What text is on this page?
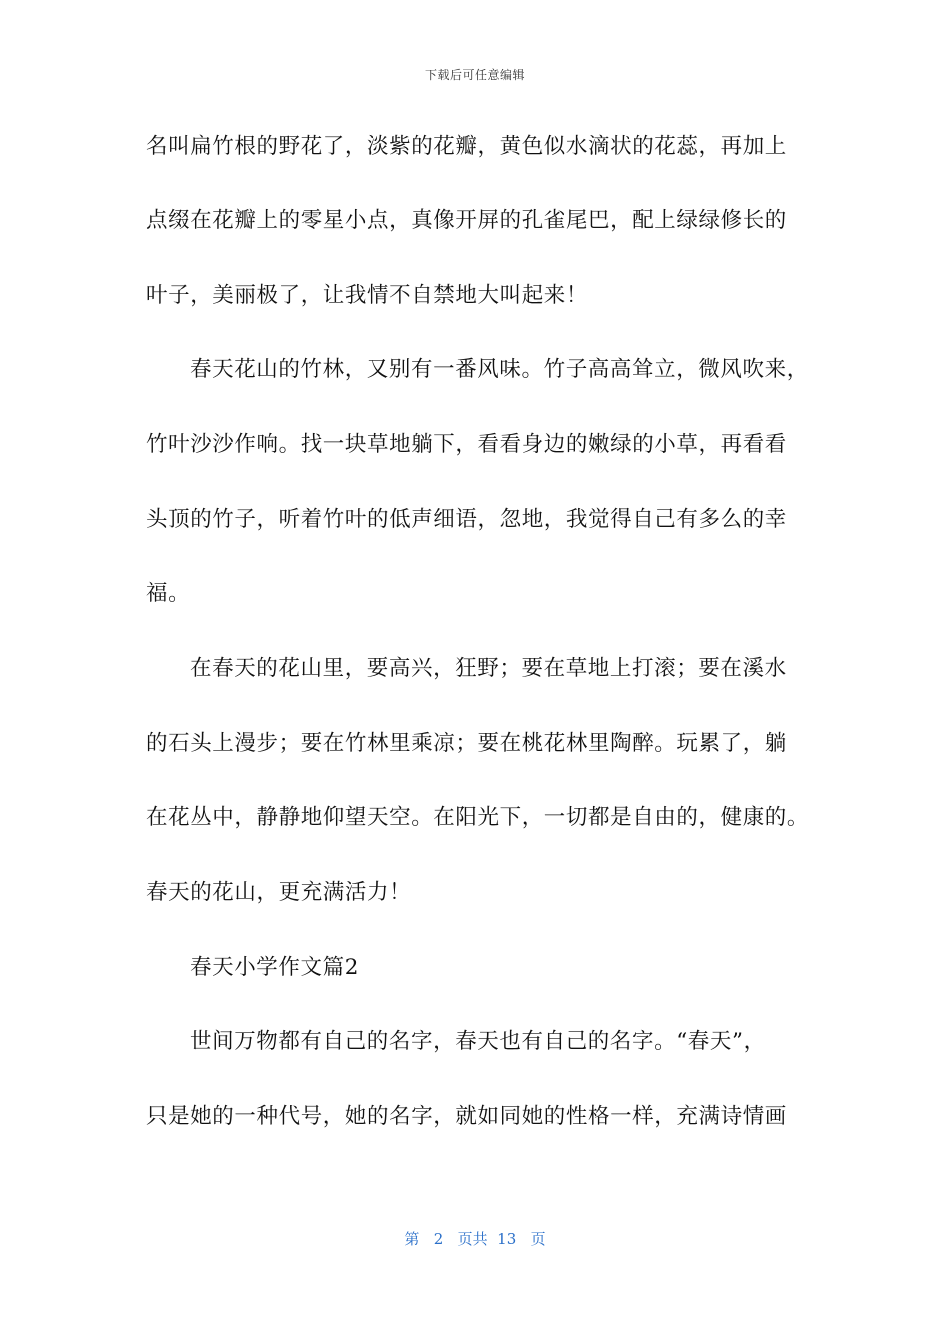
下载后可任意编辑
名叫扁竹根的野花了，淡紫的花瓣，黄色似水滴状的花蕊，再加上
点缀在花瓣上的零星小点，真像开屏的孔雀尾巴，配上绿绿修长的
叶子，美丽极了，让我情不自禁地大叫起来！
春天花山的竹林，又别有一番风味。竹子高高耸立，微风吹来，
竹叶沙沙作响。找一块草地躺下，看看身边的嫩绿的小草，再看看
头顶的竹子，听着竹叶的低声细语，忽地，我觉得自己有多么的幸
福。
在春天的花山里，要高兴，狂野；要在草地上打滚；要在溪水
的石头上漫步；要在竹林里乘凉；要在桃花林里陶醉。玩累了，躺
在花丛中，静静地仰望天空。在阳光下，一切都是自由的，健康的。
春天的花山，更充满活力！
春天小学作文篇2
世间万物都有自己的名字，春天也有自己的名字。“春天”，
只是她的一种代号，她的名字，就如同她的性格一样，充满诗情画
第 2 页共 13 页
